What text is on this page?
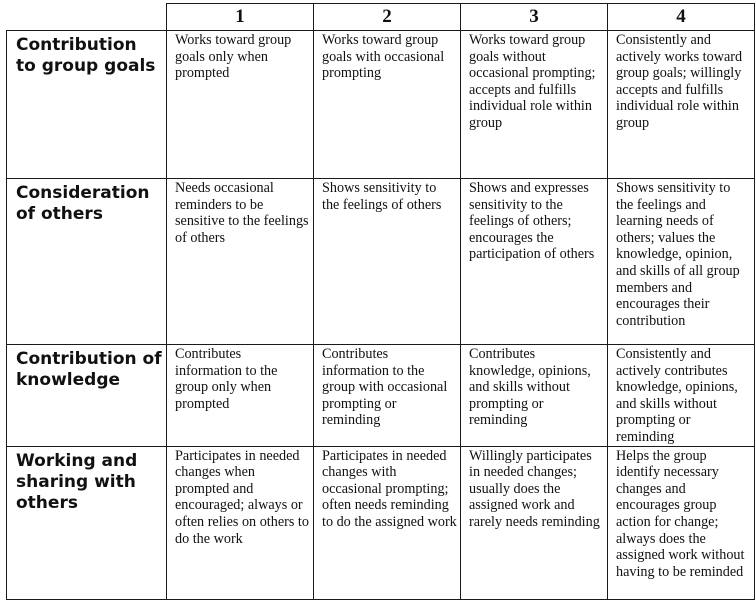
	1	2	3	4
Contribution to group goals	Works toward group goals only when prompted	Works toward group goals with occasional prompting	Works toward group goals without occasional prompting; accepts and fulfills individual role within group	Consistently and actively works toward group goals; willingly accepts and fulfills individual role within group
Consideration of others	Needs occasional reminders to be sensitive to the feelings of others	Shows sensitivity to the feelings of others	Shows and expresses sensitivity to the feelings of others; encourages the participation of others	Shows sensitivity to the feelings and learning needs of others; values the knowledge, opinion, and skills of all group members and encourages their contribution
Contribution of knowledge	Contributes information to the group only when prompted	Contributes information to the group with occasional prompting or reminding	Contributes knowledge, opinions, and skills without prompting or reminding	Consistently and actively contributes knowledge, opinions, and skills without prompting or reminding
Working and sharing with others	Participates in needed changes when prompted and encouraged; always or often relies on others to do the work	Participates in needed changes with occasional prompting; often needs reminding to do the assigned work	Willingly participates in needed changes; usually does the assigned work and rarely needs reminding	Helps the group identify necessary changes and encourages group action for change; always does the assigned work without having to be reminded
